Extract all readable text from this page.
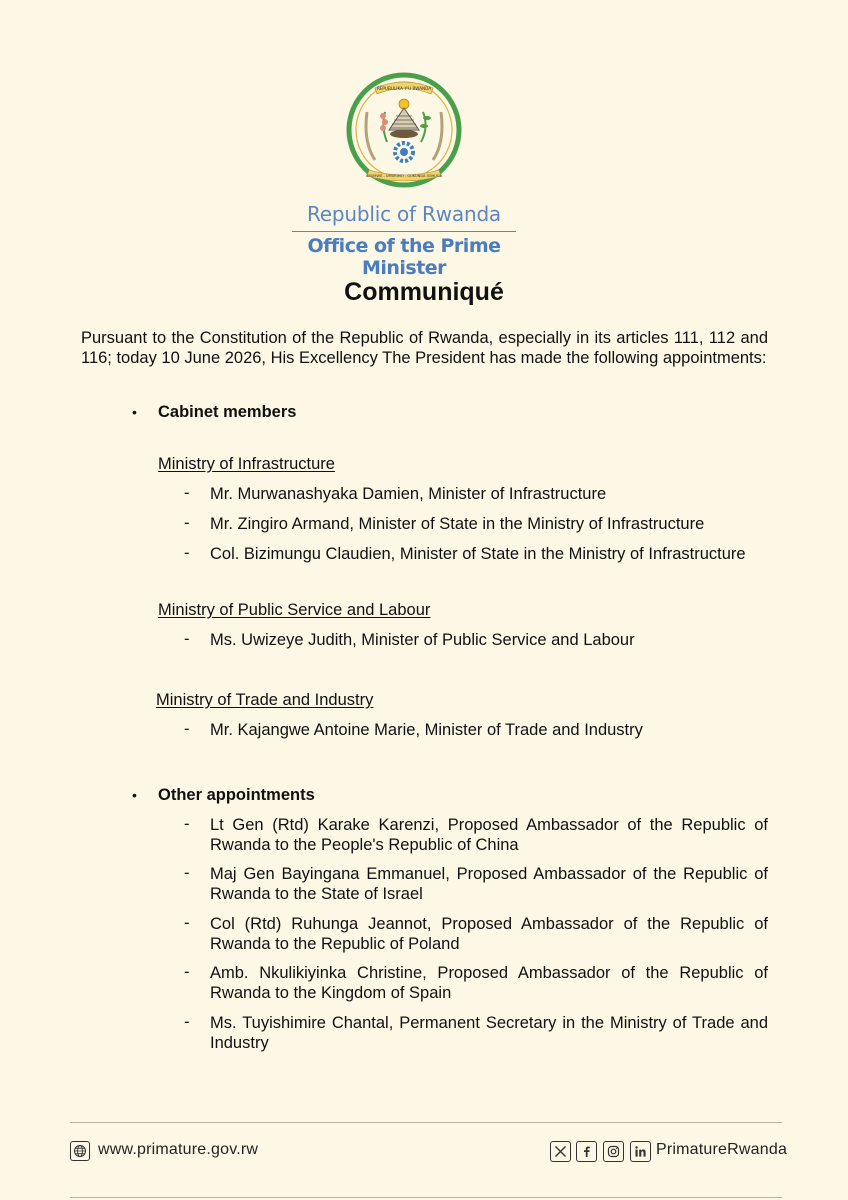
REPUBULIKA Y'U RWANDA
UBUMWE - UMURIMO - GUKUNDA IGIHUGU
Republic of Rwanda
Office of the Prime Minister
Communiqué
Pursuant to the Constitution of the Republic of Rwanda, especially in its articles 111, 112 and 116; today 10 June 2026, His Excellency The President has made the following appointments:
• Cabinet members
Ministry of Infrastructure
- Mr. Murwanashyaka Damien, Minister of Infrastructure
- Mr. Zingiro Armand, Minister of State in the Ministry of Infrastructure
- Col. Bizimungu Claudien, Minister of State in the Ministry of Infrastructure
Ministry of Public Service and Labour
- Ms. Uwizeye Judith, Minister of Public Service and Labour
Ministry of Trade and Industry
- Mr. Kajangwe Antoine Marie, Minister of Trade and Industry
• Other appointments
- Lt Gen (Rtd) Karake Karenzi, Proposed Ambassador of the Republic of Rwanda to the People's Republic of China
- Maj Gen Bayingana Emmanuel, Proposed Ambassador of the Republic of Rwanda to the State of Israel
- Col (Rtd) Ruhunga Jeannot, Proposed Ambassador of the Republic of Rwanda to the Republic of Poland
- Amb. Nkulikiyinka Christine, Proposed Ambassador of the Republic of Rwanda to the Kingdom of Spain
- Ms. Tuyishimire Chantal, Permanent Secretary in the Ministry of Trade and Industry
www.primature.gov.rw	PrimatureRwanda
